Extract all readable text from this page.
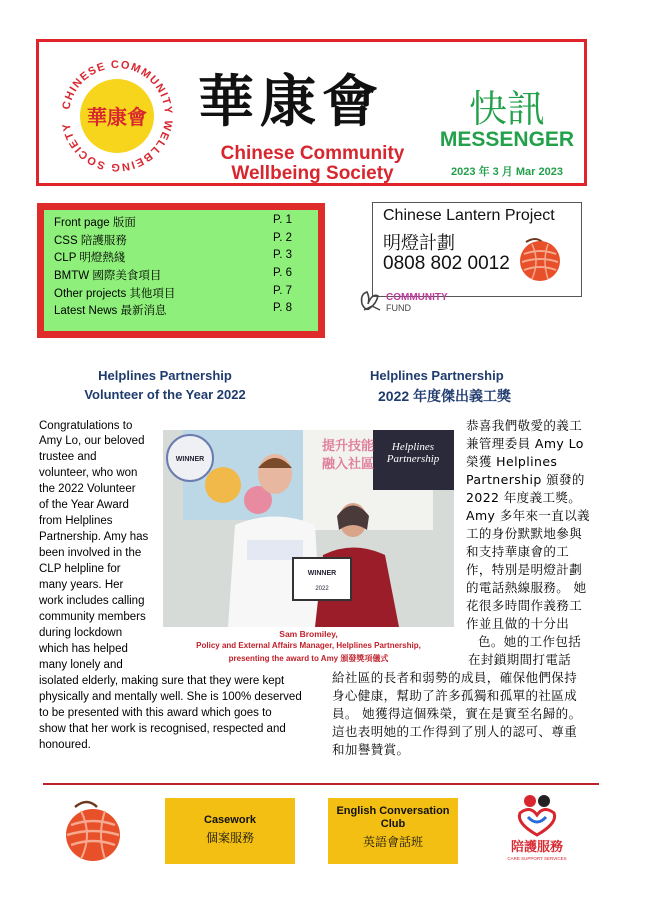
CHINESE COMMUNITY WELLBEING SOCIETY 華康會 華康會
Chinese Community
Wellbeing Society
快訊
MESSENGER
2023 年 3 月 Mar 2023
Front page 版面	P. 1
CSS 陪護服務	P. 2
CLP 明燈熱綫	P. 3
BMTW 國際美食項目	P. 6
Other projects 其他項目	P. 7
Latest News 最新消息	P. 8
Chinese Lantern Project
明燈計劃
0808 802 0012
COMMUNITY
FUND
Helplines Partnership
Volunteer of the Year 2022
Helplines Partnership
2022 年度傑出義工獎
Congratulations to
Amy Lo, our beloved
trustee and
volunteer, who won
the 2022 Volunteer
of the Year Award
from Helplines
Partnership. Amy has
been involved in the
CLP helpline for
many years. Her
work includes calling
community members
during lockdown
which has helped
many lonely and
isolated elderly, making sure that they were kept
physically and mentally well. She is 100% deserved
to be presented with this award which goes to
show that her work is recognised, respected and
honoured.
WINNER
Helplines
Partnership
提升技能
融入社區
WINNER
2022
Sam Bromiley,
Policy and External Affairs Manager, Helplines Partnership,
presenting the award to Amy 頒發獎項儀式
恭喜我們敬愛的義工
兼管理委員 Amy Lo
榮獲 Helplines
Partnership 頒發的
2022 年度義工獎。
Amy 多年來一直以義
工的身份默默地參與
和支持華康會的工
作，特別是明燈計劃
的電話熱線服務。 她
花很多時間作義務工
作並且做的十分出
色。她的工作包括
在封鎖期間打電話
給社區的長者和弱勢的成員，確保他們保持
身心健康，幫助了許多孤獨和孤單的社區成
員。 她獲得這個殊榮，實在是實至名歸的。
這也表明她的工作得到了別人的認可、尊重
和加譽贊賞。
Casework
個案服務
English Conversation
Club
英語會話班	陪護服務
CARE SUPPORT SERVICES
